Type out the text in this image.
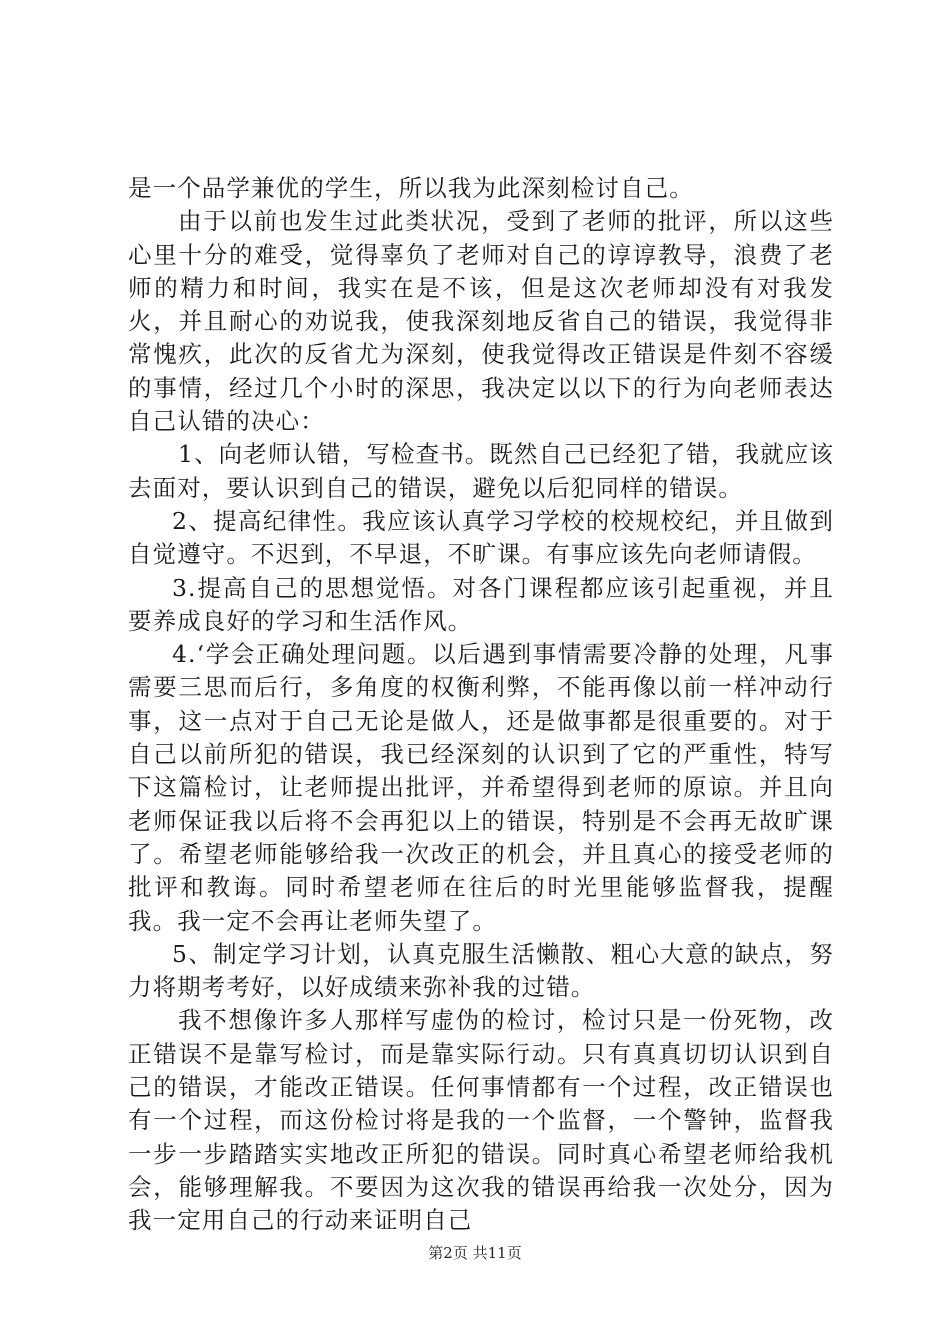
是一个品学兼优的学生，所以我为此深刻检讨自己。

由于以前也发生过此类状况，受到了老师的批评，所以这些心里十分的难受，觉得辜负了老师对自己的谆谆教导，浪费了老师的精力和时间，我实在是不该，但是这次老师却没有对我发火，并且耐心的劝说我，使我深刻地反省自己的错误，我觉得非常愧疚，此次的反省尤为深刻，使我觉得改正错误是件刻不容缓的事情，经过几个小时的深思，我决定以以下的行为向老师表达自己认错的决心：

1、向老师认错，写检查书。既然自己已经犯了错，我就应该去面对，要认识到自己的错误，避免以后犯同样的错误。

2、提高纪律性。我应该认真学习学校的校规校纪，并且做到自觉遵守。不迟到，不早退，不旷课。有事应该先向老师请假。

3.提高自己的思想觉悟。对各门课程都应该引起重视，并且要养成良好的学习和生活作风。

4.‘学会正确处理问题。以后遇到事情需要冷静的处理，凡事需要三思而后行，多角度的权衡利弊，不能再像以前一样冲动行事，这一点对于自己无论是做人，还是做事都是很重要的。对于自己以前所犯的错误，我已经深刻的认识到了它的严重性，特写下这篇检讨，让老师提出批评，并希望得到老师的原谅。并且向老师保证我以后将不会再犯以上的错误，特别是不会再无故旷课了。希望老师能够给我一次改正的机会，并且真心的接受老师的批评和教诲。同时希望老师在往后的时光里能够监督我，提醒我。我一定不会再让老师失望了。

5、制定学习计划，认真克服生活懒散、粗心大意的缺点，努力将期考考好，以好成绩来弥补我的过错。

我不想像许多人那样写虚伪的检讨，检讨只是一份死物，改正错误不是靠写检讨，而是靠实际行动。只有真真切切认识到自己的错误，才能改正错误。任何事情都有一个过程，改正错误也有一个过程，而这份检讨将是我的一个监督，一个警钟，监督我一步一步踏踏实实地改正所犯的错误。同时真心希望老师给我机会，能够理解我。不要因为这次我的错误再给我一次处分，因为我一定用自己的行动来证明自己

第2页 共11页
